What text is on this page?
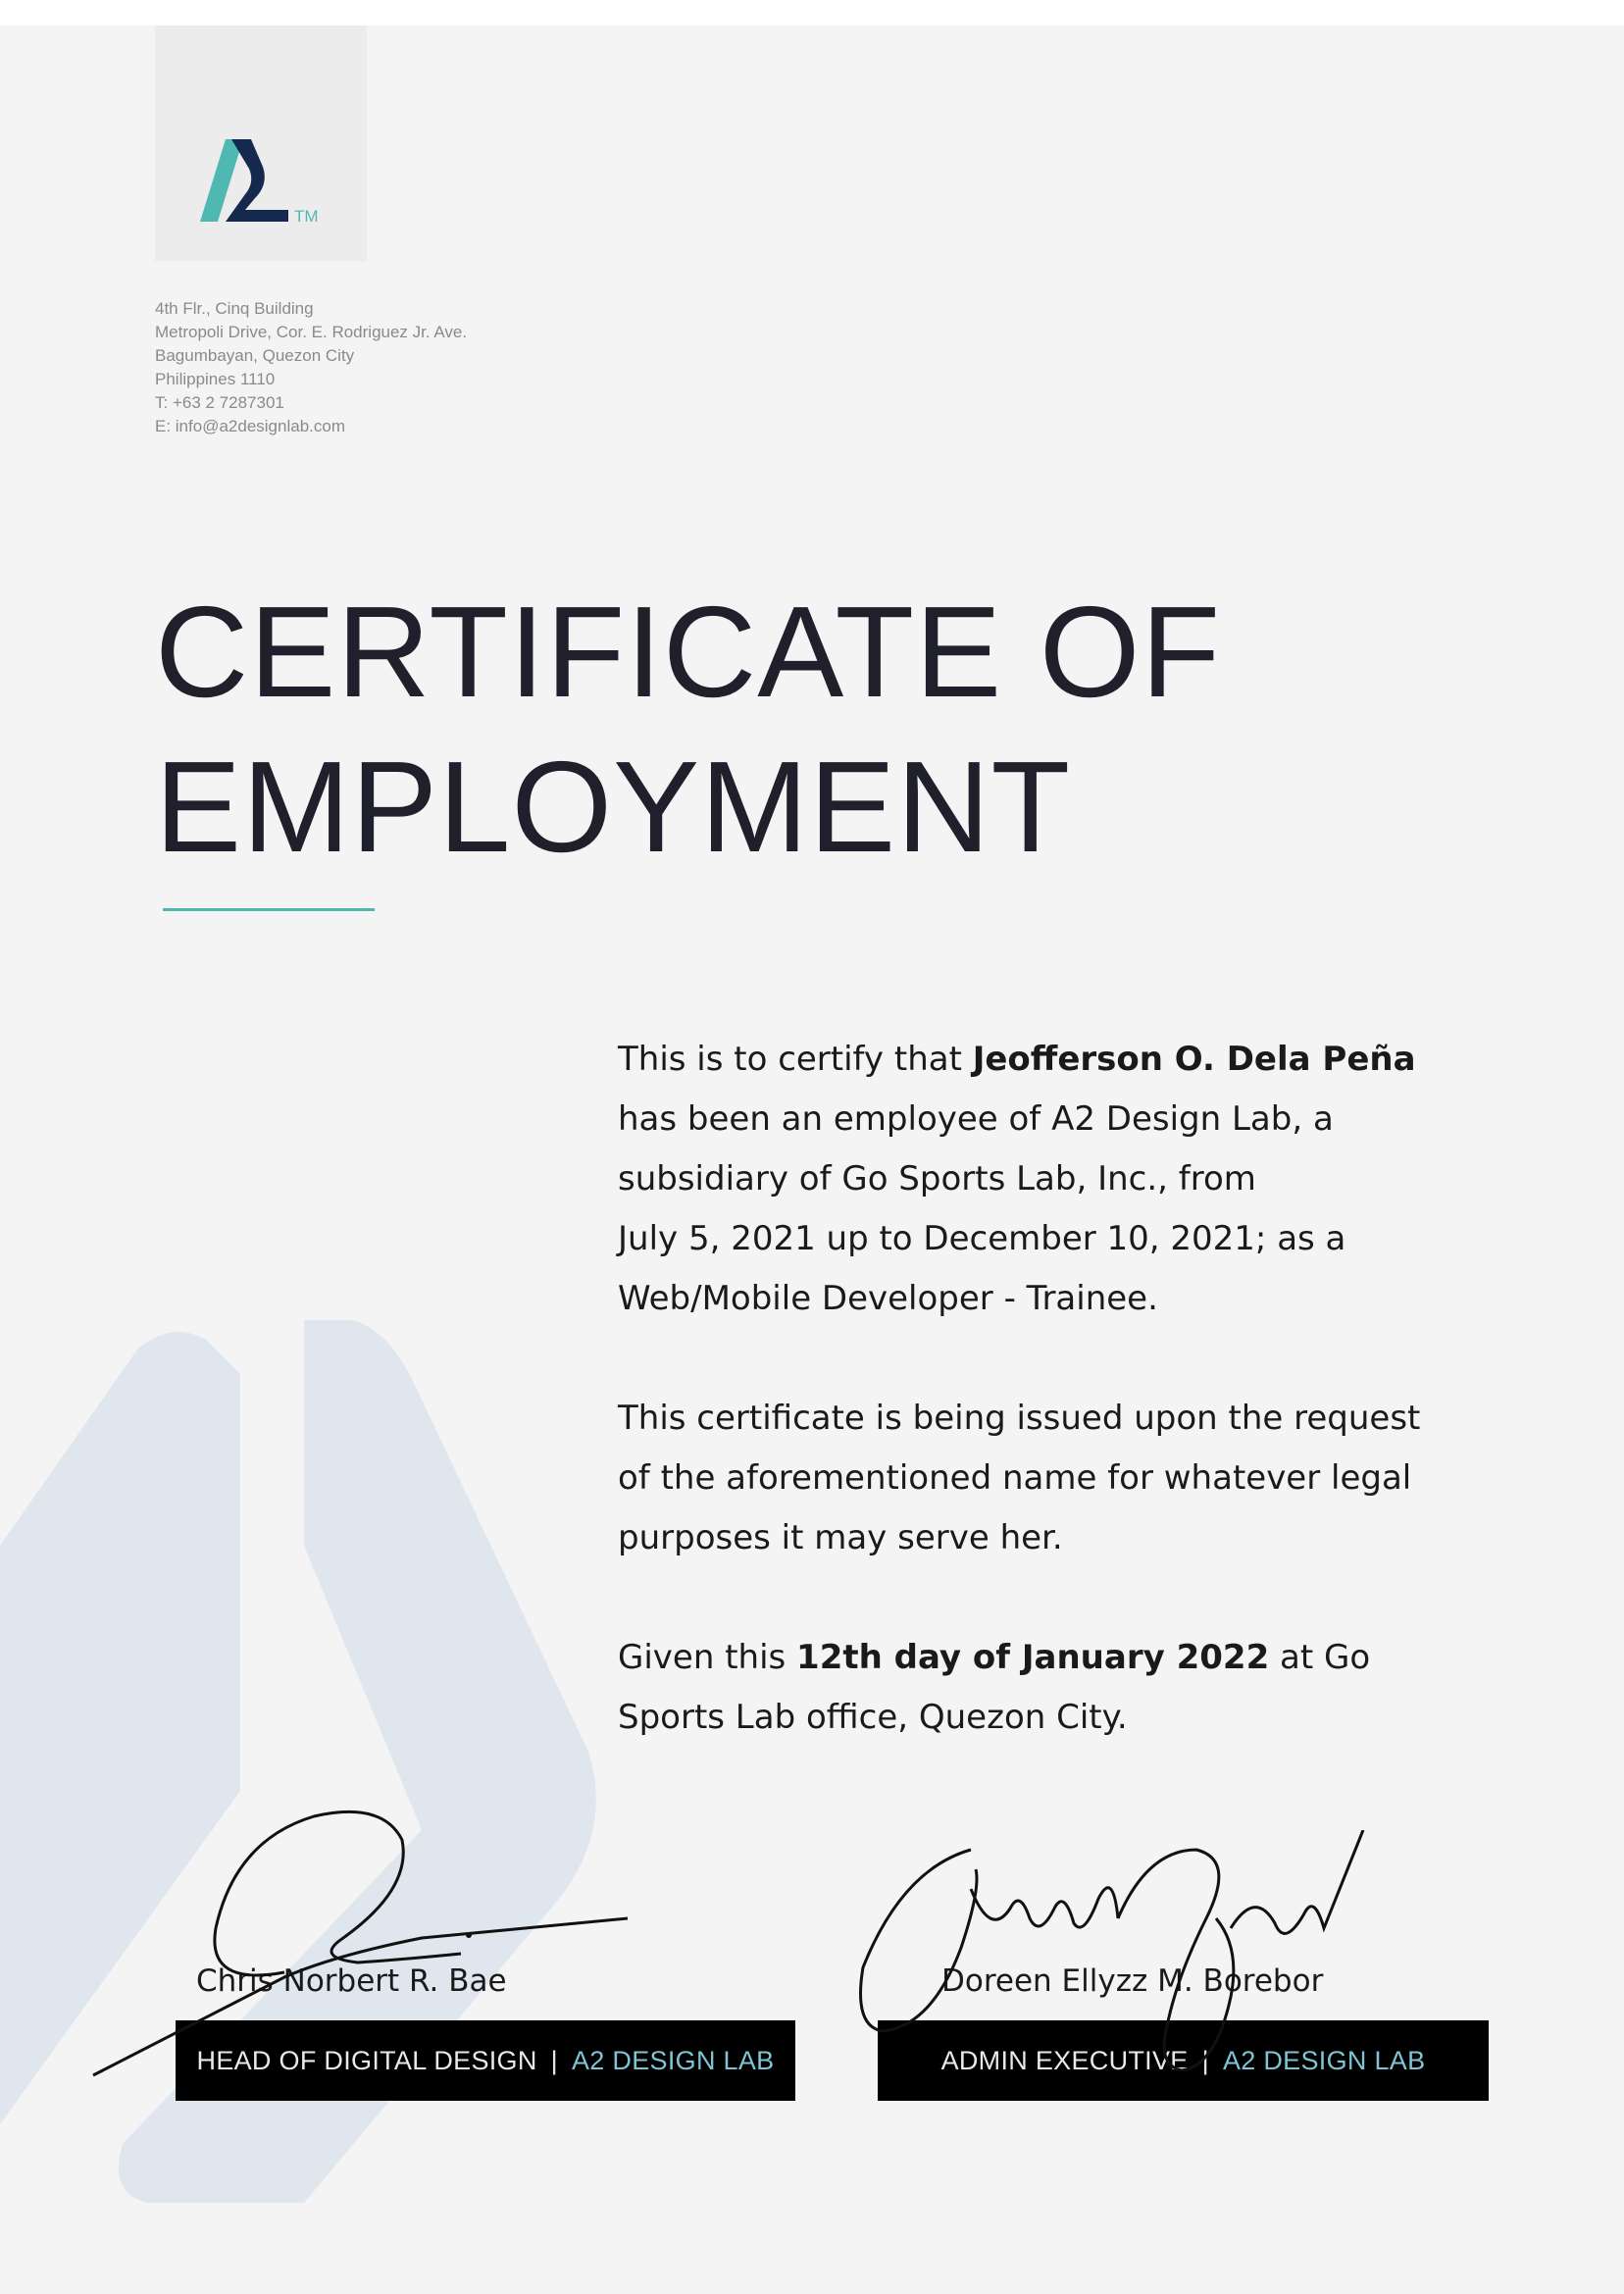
TM
4th Flr., Cinq Building
Metropoli Drive, Cor. E. Rodriguez Jr. Ave.
Bagumbayan, Quezon City
Philippines 1110
T: +63 2 7287301
E: info@a2designlab.com
CERTIFICATE OF
EMPLOYMENT

This is to certify that Jeofferson O. Dela Peña
has been an employee of A2 Design Lab, a
subsidiary of Go Sports Lab, Inc., from
July 5, 2021 up to December 10, 2021; as a
Web/Mobile Developer - Trainee.

This certificate is being issued upon the request of the aforementioned name for whatever legal purposes it may serve her.

Given this 12th day of January 2022 at Go Sports Lab office, Quezon City.

Chris Norbert R. Bae
HEAD OF DIGITAL DESIGN | A2 DESIGN LAB
Doreen Ellyzz M. Borebor
ADMIN EXECUTIVE | A2 DESIGN LAB
